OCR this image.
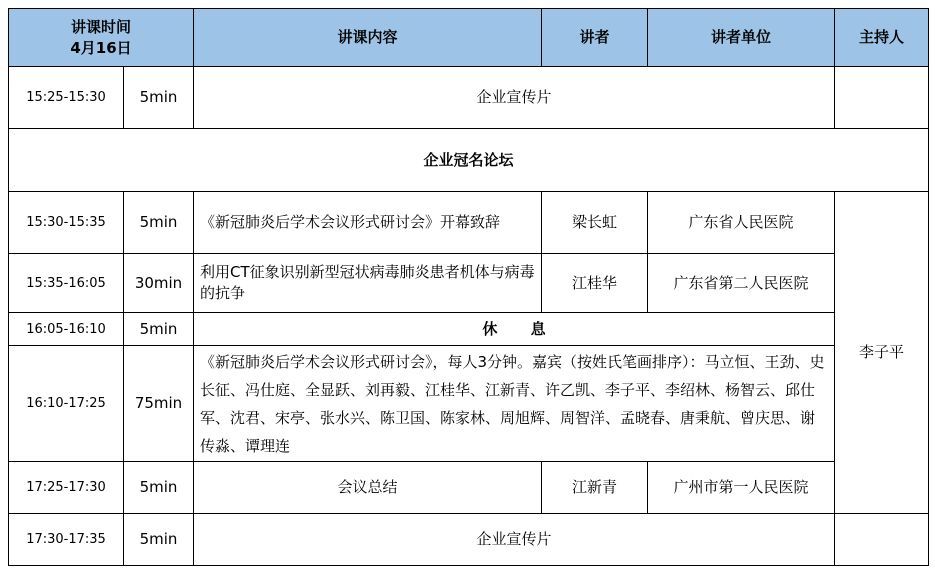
讲课时间
4月16日		讲课内容	讲者	讲者单位	主持人
15:25-15:30	5min	企业宣传片			
企业冠名论坛					
15:30-15:35	5min	《新冠肺炎后学术会议形式研讨会》开幕致辞	梁长虹	广东省人民医院	李子平
15:35-16:05	30min	利用CT征象识别新型冠状病毒肺炎患者机体与病毒的抗争	江桂华	广东省第二人民医院	
16:05-16:10	5min	休 息			
16:10-17:25	75min	《新冠肺炎后学术会议形式研讨会》，每人3分钟。嘉宾（按姓氏笔画排序）：马立恒、王劲、史长征、冯仕庭、全显跃、刘再毅、江桂华、江新青、许乙凯、李子平、李绍林、杨智云、邱仕军、沈君、宋亭、张水兴、陈卫国、陈家林、周旭辉、周智洋、孟晓春、唐秉航、曾庆思、谢传淼、谭理连			
17:25-17:30	5min	会议总结	江新青	广州市第一人民医院	
17:30-17:35	5min	企业宣传片			
